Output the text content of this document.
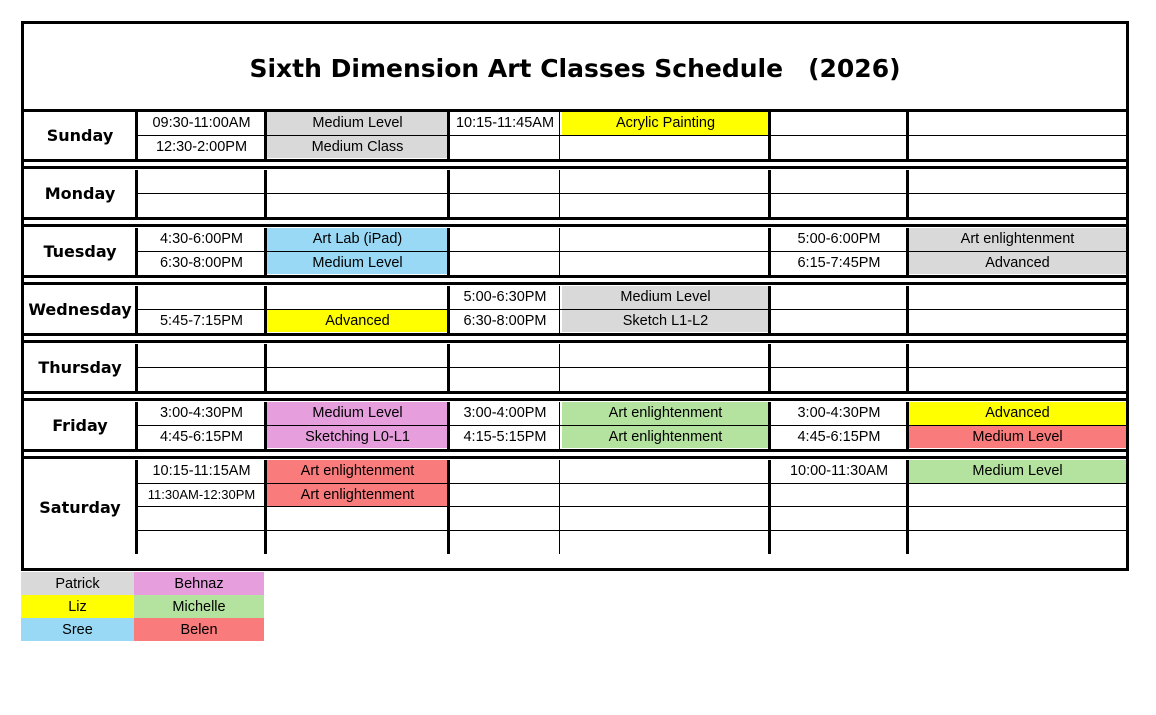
Sixth Dimension Art Classes Schedule　(2026)
Sunday
09:30-11:00AM	Medium Level	10:15-11:45AM	Acrylic Painting
12:30-2:00PM	Medium Class
Monday
Tuesday
4:30-6:00PM	Art Lab (iPad)	5:00-6:00PM	Art enlightenment
6:30-8:00PM	Medium Level	6:15-7:45PM	Advanced
Wednesday
5:00-6:30PM	Medium Level
5:45-7:15PM	Advanced	6:30-8:00PM	Sketch L1-L2
Thursday
Friday
3:00-4:30PM	Medium Level	3:00-4:00PM	Art enlightenment	3:00-4:30PM	Advanced
4:45-6:15PM	Sketching L0-L1	4:15-5:15PM	Art enlightenment	4:45-6:15PM	Medium Level
Saturday
10:15-11:15AM	Art enlightenment	10:00-11:30AM	Medium Level
11:30AM-12:30PM	Art enlightenment
Patrick	Behnaz
Liz	Michelle
Sree	Belen
